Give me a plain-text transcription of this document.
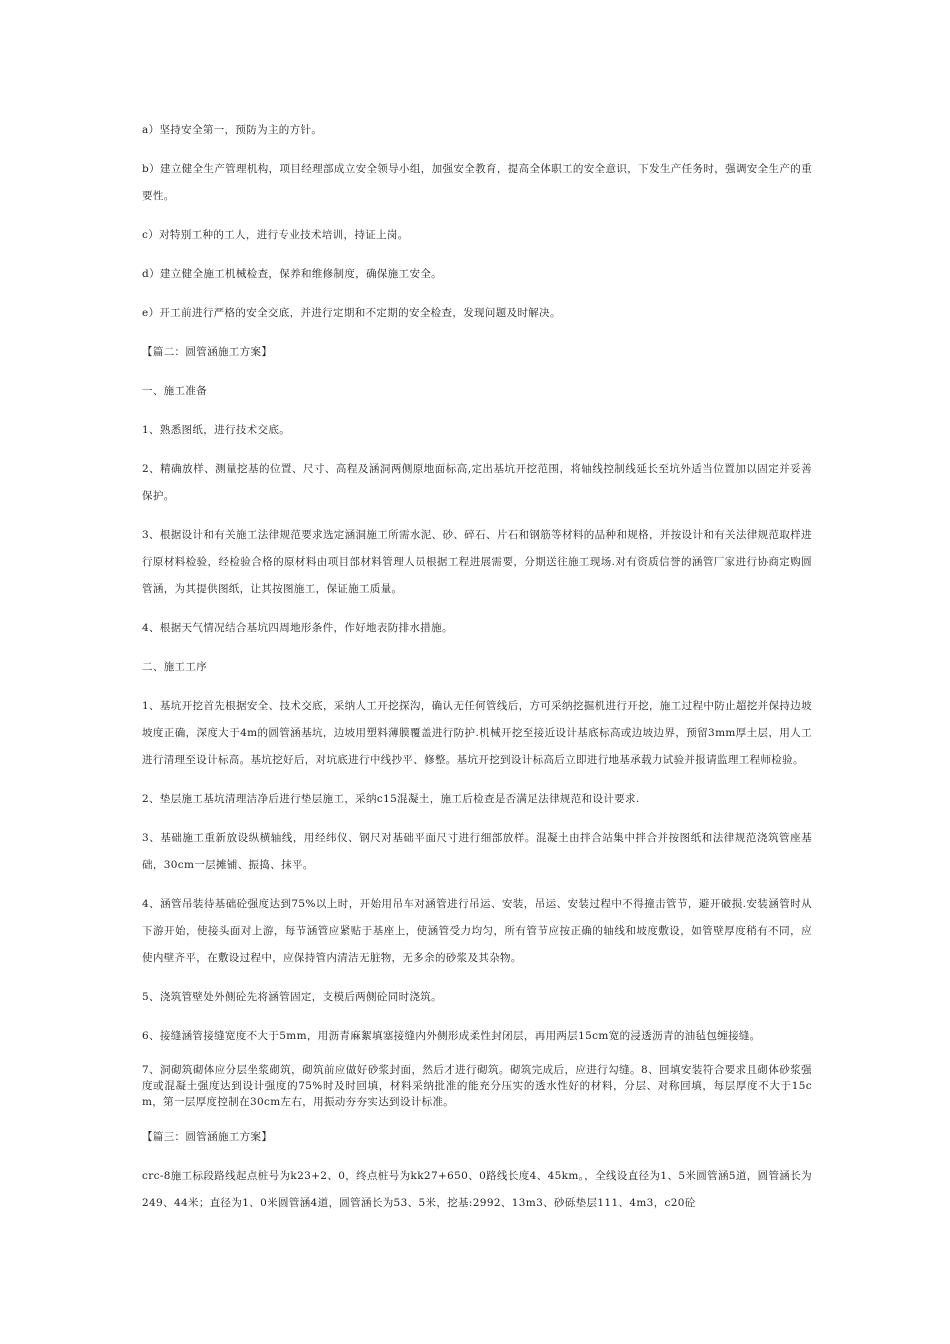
a）坚持安全第一，预防为主的方针。

b）建立健全生产管理机构，项目经理部成立安全领导小组，加强安全教育，提高全体职工的安全意识，下发生产任务时，强调安全生产的重要性。

c）对特别工种的工人，进行专业技术培训，持证上岗。

d）建立健全施工机械检查，保养和维修制度，确保施工安全。

e）开工前进行严格的安全交底，并进行定期和不定期的安全检查，发现问题及时解决。

【篇二：圆管涵施工方案】

一、施工准备

1、熟悉图纸，进行技术交底。

2、精确放样、测量挖基的位置、尺寸、高程及涵洞两侧原地面标高,定出基坑开挖范围，将轴线控制线延长至坑外适当位置加以固定并妥善保护。

3、根据设计和有关施工法律规范要求选定涵洞施工所需水泥、砂、碎石、片石和钢筋等材料的品种和规格，并按设计和有关法律规范取样进行原材料检验，经检验合格的原材料由项目部材料管理人员根据工程进展需要，分期送往施工现场.对有资质信誉的涵管厂家进行协商定购圆管涵，为其提供图纸，让其按图施工，保证施工质量。

4、根据天气情况结合基坑四周地形条件，作好地表防排水措施。

二、施工工序

1、基坑开挖首先根据安全、技术交底，采纳人工开挖探沟，确认无任何管线后，方可采纳挖掘机进行开挖，施工过程中防止超挖并保持边坡坡度正确，深度大于4m的圆管涵基坑，边坡用塑料薄膜覆盖进行防护.机械开挖至接近设计基底标高或边坡边界，预留3mm厚土层，用人工进行清理至设计标高。基坑挖好后，对坑底进行中线抄平、修整。基坑开挖到设计标高后立即进行地基承载力试验并报请监理工程师检验。

2、垫层施工基坑清理洁净后进行垫层施工，采纳c15混凝土，施工后检查是否满足法律规范和设计要求.

3、基础施工重新放设纵横轴线，用经纬仪、钢尺对基础平面尺寸进行细部放样。混凝土由拌合站集中拌合并按图纸和法律规范浇筑管座基础，30cm一层摊铺、振捣、抹平。

4、涵管吊装待基础砼强度达到75%以上时，开始用吊车对涵管进行吊运、安装，吊运、安装过程中不得撞击管节，避开破损.安装涵管时从下游开始，使接头面对上游，每节涵管应紧贴于基座上，使涵管受力均匀，所有管节应按正确的轴线和坡度敷设，如管壁厚度稍有不同，应使内壁齐平，在敷设过程中，应保持管内清洁无脏物，无多余的砂浆及其杂物。

5、浇筑管壁处外侧砼先将涵管固定，支模后两侧砼同时浇筑。

6、接缝涵管接缝宽度不大于5mm，用沥青麻絮填塞接缝内外侧形成柔性封闭层，再用两层15cm宽的浸透沥青的油毡包缠接缝。

7、洞砌筑砌体应分层坐浆砌筑，砌筑前应做好砂浆封面，然后才进行砌筑。砌筑完成后，应进行勾缝。8、回填安装符合要求且砌体砂浆强度或混凝土强度达到设计强度的75%时及时回填，材料采纳批准的能充分压实的透水性好的材料，分层、对称回填，每层厚度不大于15cm，第一层厚度控制在30cm左右，用振动夯夯实达到设计标准。

【篇三：圆管涵施工方案】

crc-8施工标段路线起点桩号为k23+2、0，终点桩号为kk27+650、0路线长度4、45km。，全线设直径为1、5米圆管涵5道，圆管涵长为249、44米；直径为1、0米圆管涵4道，圆管涵长为53、5米，挖基:2992、13m3、砂砾垫层111、4m3，c20砼
